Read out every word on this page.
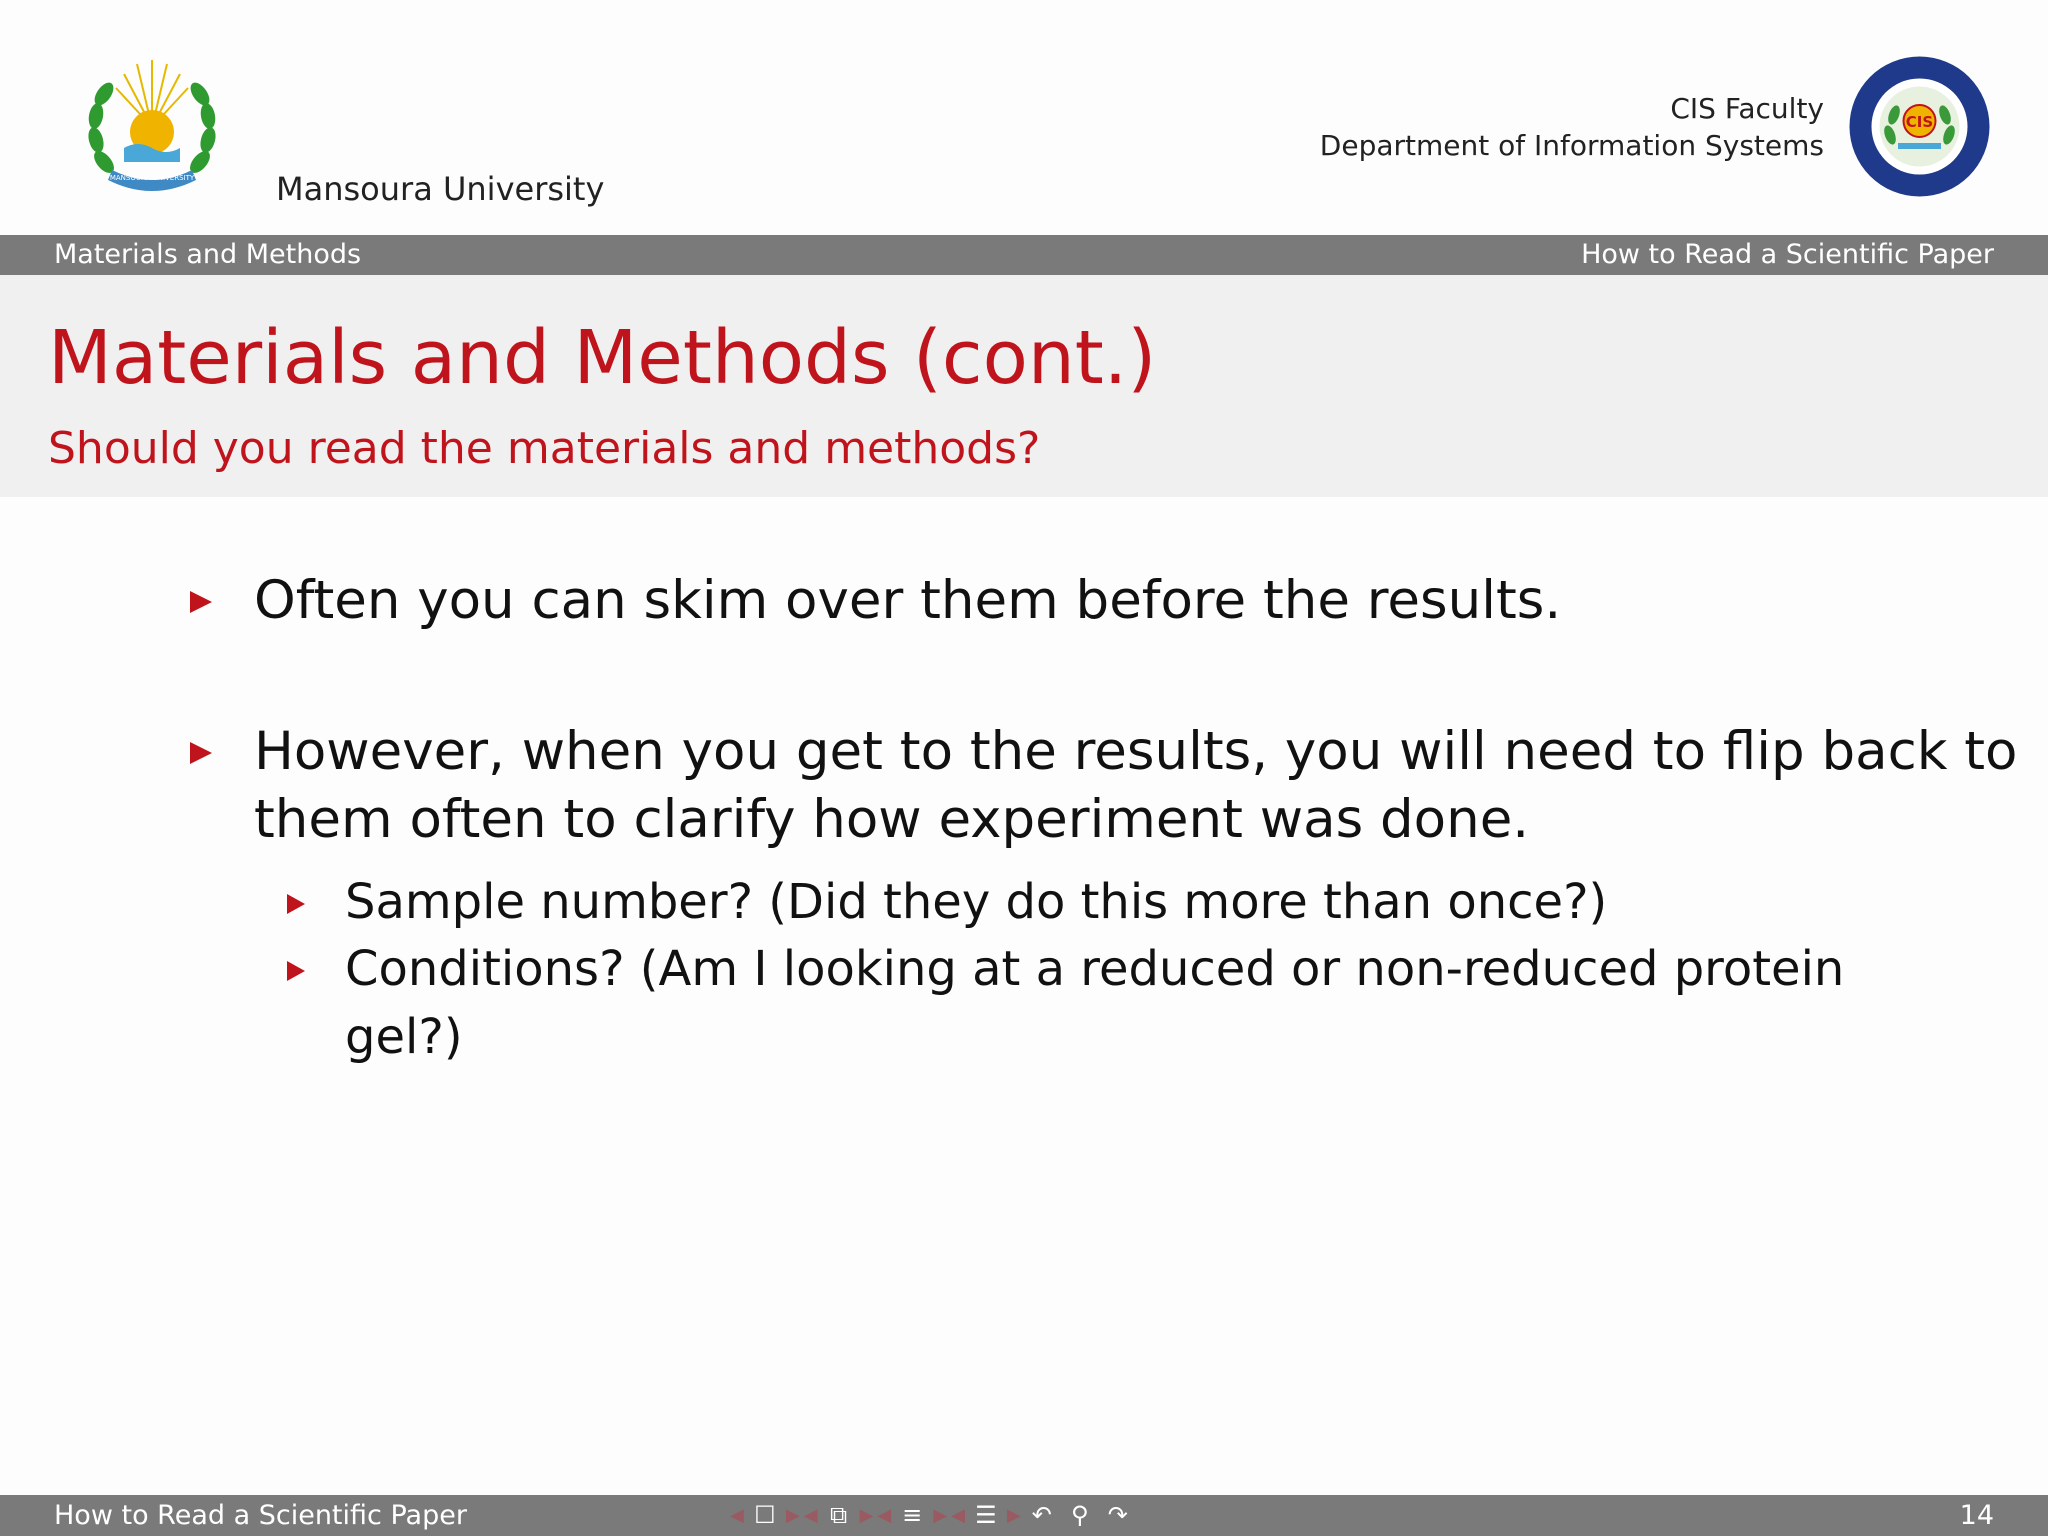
MANSOURA UNIVERSITY	Mansoura University
CIS Faculty
Department of Information Systems
CIS
Materials and Methods	How to Read a Scientific Paper
Materials and Methods (cont.)
Should you read the materials and methods?
Often you can skim over them before the results.
However, when you get to the results, you will need to flip back to them often to clarify how experiment was done.
Sample number? (Did they do this more than once?)
Conditions? (Am I looking at a reduced or non-reduced protein gel?)
How to Read a Scientific Paper	◀ ☐ ▶ ◀ ⧉ ▶ ◀ ≡ ▶ ◀ ☰ ▶ ↶ ⚲ ↷	14
